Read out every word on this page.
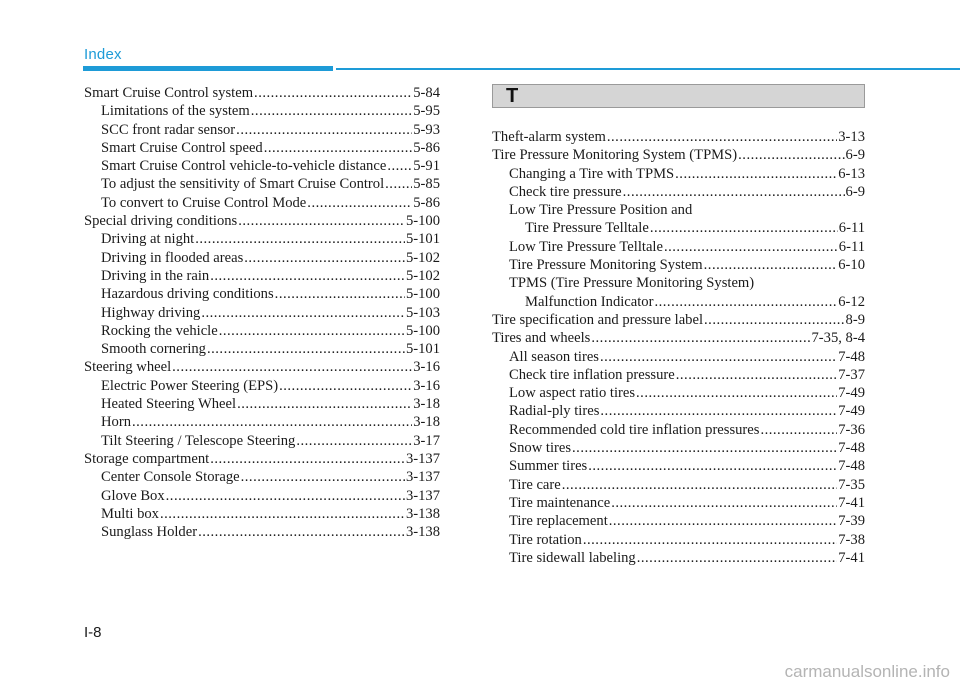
Index
Smart Cruise Control system .....	5-84
Limitations of the system .....	5-95
SCC front radar sensor .....	5-93
Smart Cruise Control speed .....	5-86
Smart Cruise Control vehicle-to-vehicle distance ..... 5-91
To adjust the sensitivity of Smart Cruise Control ..... 5-85
To convert to Cruise Control Mode .....	5-86
Special driving conditions .....	5-100
Driving at night .....	5-101
Driving in flooded areas .....	5-102
Driving in the rain .....	5-102
Hazardous driving conditions .....	5-100
Highway driving .....	5-103
Rocking the vehicle .....	5-100
Smooth cornering .....	5-101
Steering wheel .....	3-16
Electric Power Steering (EPS) .....	3-16
Heated Steering Wheel .....	3-18
Horn .....	3-18
Tilt Steering / Telescope Steering .....	3-17
Storage compartment .....	3-137
Center Console Storage .....	3-137
Glove Box .....	3-137
Multi box .....	3-138
Sunglass Holder .....	3-138
T
Theft-alarm system .....	3-13
Tire Pressure Monitoring System (TPMS) .....	6-9
Changing a Tire with TPMS .....	6-13
Check tire pressure .....	6-9
Low Tire Pressure Position and
Tire Pressure Telltale .....	6-11
Low Tire Pressure Telltale .....	6-11
Tire Pressure Monitoring System .....	6-10
TPMS (Tire Pressure Monitoring System)
Malfunction Indicator .....	6-12
Tire specification and pressure label .....	8-9
Tires and wheels .....	7-35, 8-4
All season tires .....	7-48
Check tire inflation pressure .....	7-37
Low aspect ratio tires .....	7-49
Radial-ply tires .....	7-49
Recommended cold tire inflation pressures .....	7-36
Snow tires .....	7-48
Summer tires .....	7-48
Tire care .....	7-35
Tire maintenance .....	7-41
Tire replacement .....	7-39
Tire rotation .....	7-38
Tire sidewall labeling .....	7-41
I-8
carmanualsonline.info
